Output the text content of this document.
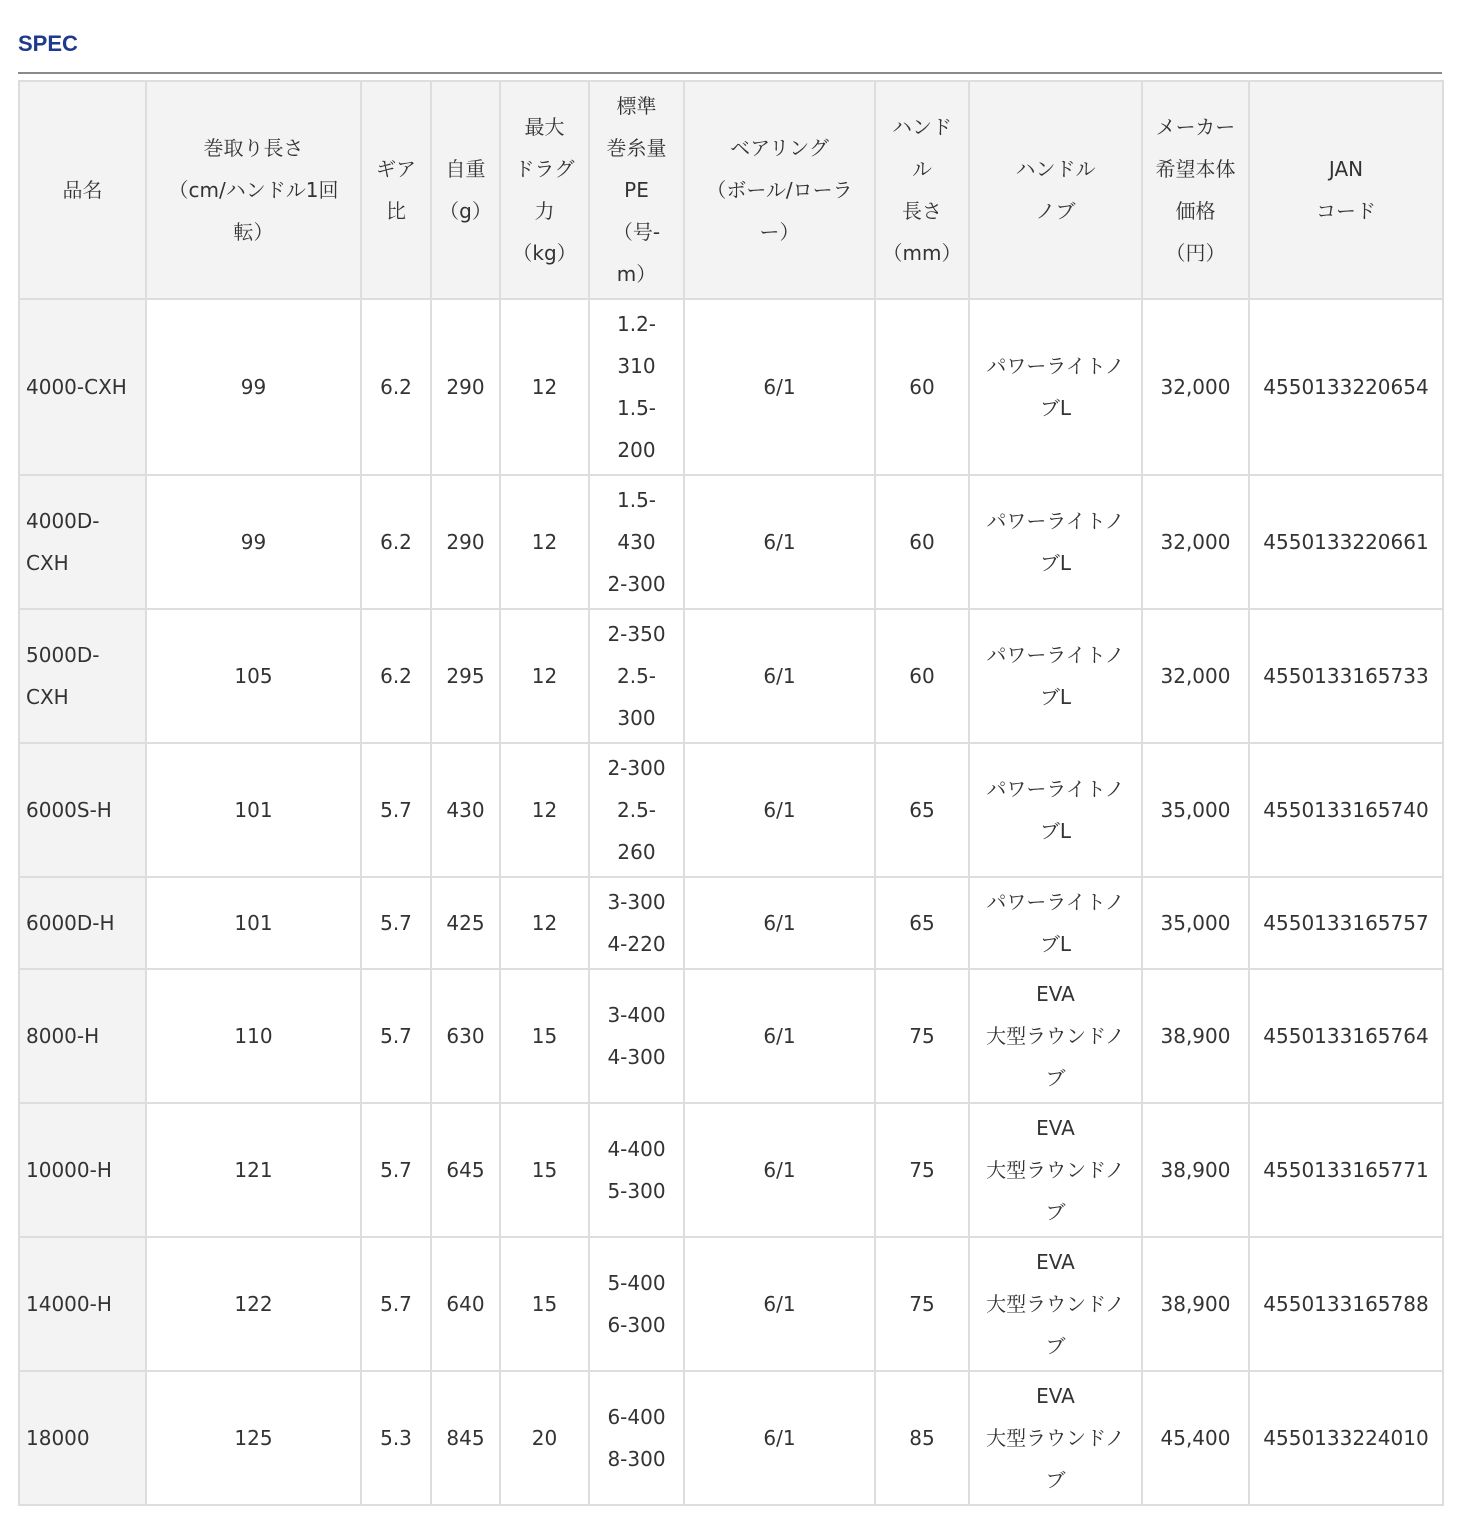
SPEC
品名	巻取り長さ
（cm/ハンドル1回
転）	ギア
比	自重
（g）	最大
ドラグ
力
（kg）	標準
巻糸量
PE
（号-
m）	ベアリング
（ボール/ローラ
ー）	ハンド
ル
長さ
（mm）	ハンドル
ノブ	メーカー
希望本体
価格
（円）	JAN
コード

4000-CXH	99	6.2	290	12	1.2-
310
1.5-
200	6/1	60	パワーライトノ
ブL	32,000	4550133220654

4000D-
CXH	99	6.2	290	12	1.5-
430
2-300	6/1	60	パワーライトノ
ブL	32,000	4550133220661

5000D-
CXH	105	6.2	295	12	2-350
2.5-
300	6/1	60	パワーライトノ
ブL	32,000	4550133165733

6000S-H	101	5.7	430	12	2-300
2.5-
260	6/1	65	パワーライトノ
ブL	35,000	4550133165740

6000D-H	101	5.7	425	12	3-300
4-220	6/1	65	パワーライトノ
ブL	35,000	4550133165757

8000-H	110	5.7	630	15	3-400
4-300	6/1	75	EVA
大型ラウンドノ
ブ	38,900	4550133165764

10000-H	121	5.7	645	15	4-400
5-300	6/1	75	EVA
大型ラウンドノ
ブ	38,900	4550133165771

14000-H	122	5.7	640	15	5-400
6-300	6/1	75	EVA
大型ラウンドノ
ブ	38,900	4550133165788

18000	125	5.3	845	20	6-400
8-300	6/1	85	EVA
大型ラウンドノ
ブ	45,400	4550133224010
